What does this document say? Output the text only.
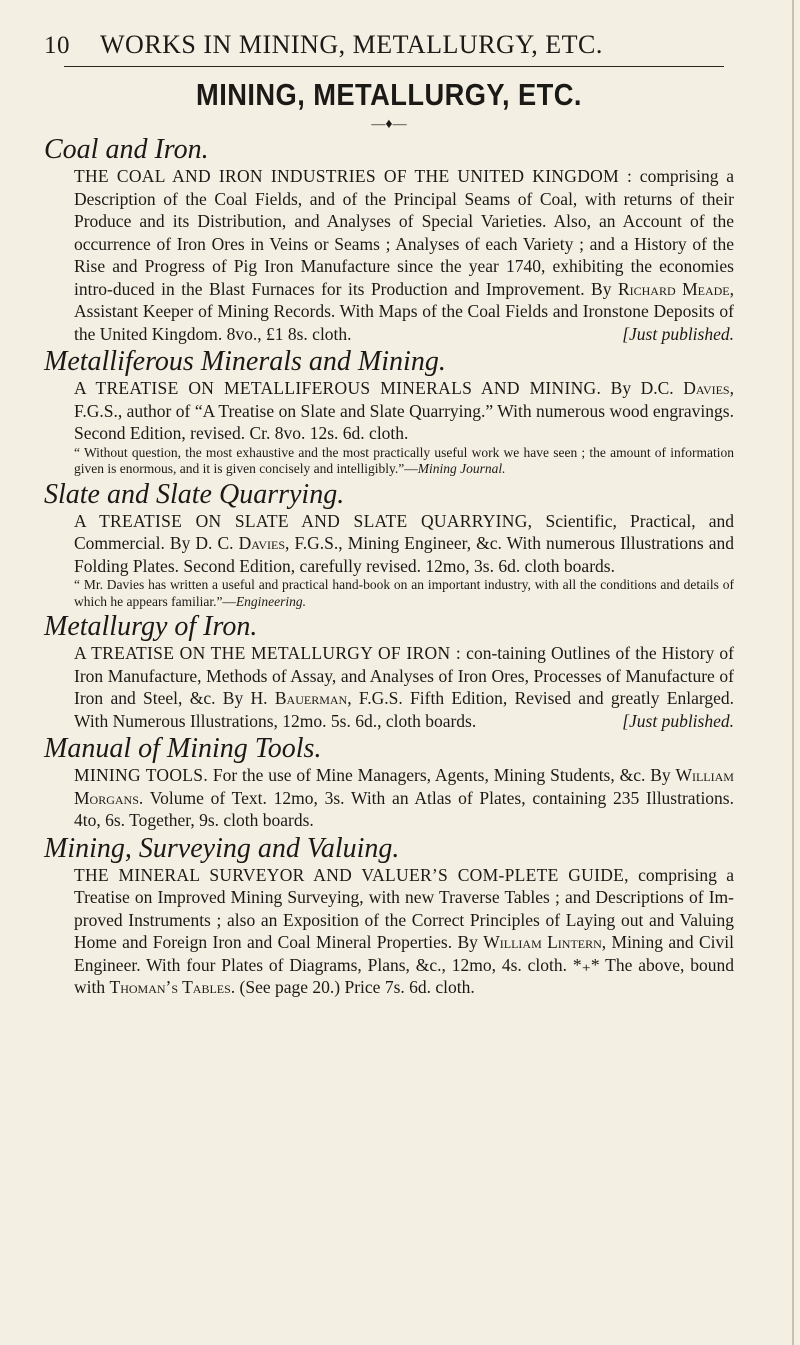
10	WORKS IN MINING, METALLURGY, ETC.
MINING, METALLURGY, ETC.
—♦—
Coal and Iron.
THE COAL AND IRON INDUSTRIES OF THE UNITED KINGDOM : comprising a Description of the Coal Fields, and of the Principal Seams of Coal, with returns of their Produce and its Distribution, and Analyses of Special Varieties. Also, an Account of the occurrence of Iron Ores in Veins or Seams ; Analyses of each Variety ; and a History of the Rise and Progress of Pig Iron Manufacture since the year 1740, exhibiting the economies intro-duced in the Blast Furnaces for its Production and Improvement. By Richard Meade, Assistant Keeper of Mining Records. With Maps of the Coal Fields and Ironstone Deposits of the United Kingdom. 8vo., £1 8s. cloth.	[Just published.
Metalliferous Minerals and Mining.
A TREATISE ON METALLIFEROUS MINERALS AND MINING. By D.C. Davies, F.G.S., author of “A Treatise on Slate and Slate Quarrying.” With numerous wood engravings. Second Edition, revised. Cr. 8vo. 12s. 6d. cloth.
“ Without question, the most exhaustive and the most practically useful work we have seen ; the amount of information given is enormous, and it is given concisely and intelligibly.”—Mining Journal.
Slate and Slate Quarrying.
A TREATISE ON SLATE AND SLATE QUARRYING, Scientific, Practical, and Commercial. By D. C. Davies, F.G.S., Mining Engineer, &c. With numerous Illustrations and Folding Plates. Second Edition, carefully revised. 12mo, 3s. 6d. cloth boards.
“ Mr. Davies has written a useful and practical hand-book on an important industry, with all the conditions and details of which he appears familiar.”—Engineering.
Metallurgy of Iron.
A TREATISE ON THE METALLURGY OF IRON : con-taining Outlines of the History of Iron Manufacture, Methods of Assay, and Analyses of Iron Ores, Processes of Manufacture of Iron and Steel, &c. By H. Bauerman, F.G.S. Fifth Edition, Revised and greatly Enlarged. With Numerous Illustrations, 12mo. 5s. 6d., cloth boards.	[Just published.
Manual of Mining Tools.
MINING TOOLS. For the use of Mine Managers, Agents, Mining Students, &c. By William Morgans. Volume of Text. 12mo, 3s. With an Atlas of Plates, containing 235 Illustrations. 4to, 6s. Together, 9s. cloth boards.
Mining, Surveying and Valuing.
THE MINERAL SURVEYOR AND VALUER’S COM-PLETE GUIDE, comprising a Treatise on Improved Mining Surveying, with new Traverse Tables ; and Descriptions of Im-proved Instruments ; also an Exposition of the Correct Principles of Laying out and Valuing Home and Foreign Iron and Coal Mineral Properties. By William Lintern, Mining and Civil Engineer. With four Plates of Diagrams, Plans, &c., 12mo, 4s. cloth. *₊* The above, bound with Thoman’s Tables. (See page 20.) Price 7s. 6d. cloth.
